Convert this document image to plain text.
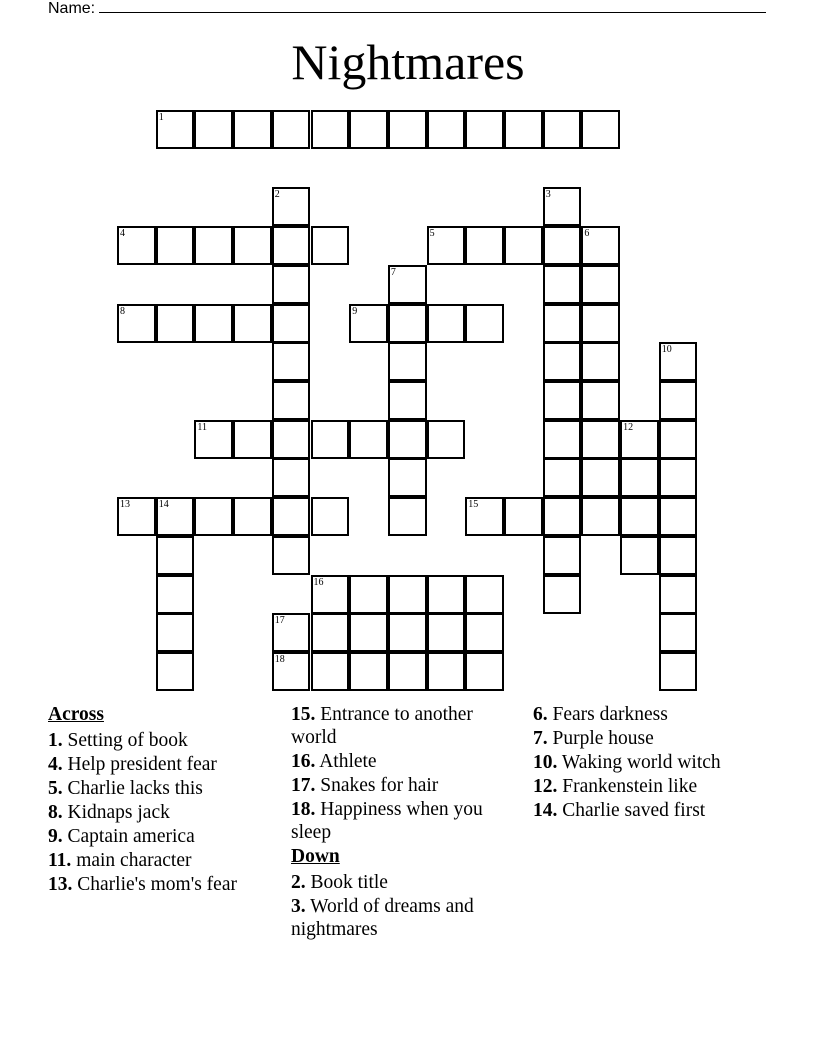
Name:
Nightmares
1
2	3
4	5	6
7
8	9
10
11	12
13	14	15
16
17
18
Across
1. Setting of book
4. Help president fear
5. Charlie lacks this
8. Kidnaps jack
9. Captain america
11. main character
13. Charlie's mom's fear
15. Entrance to another world
16. Athlete
17. Snakes for hair
18. Happiness when you sleep
Down
2. Book title
3. World of dreams and nightmares
6. Fears darkness
7. Purple house
10. Waking world witch
12. Frankenstein like
14. Charlie saved first
